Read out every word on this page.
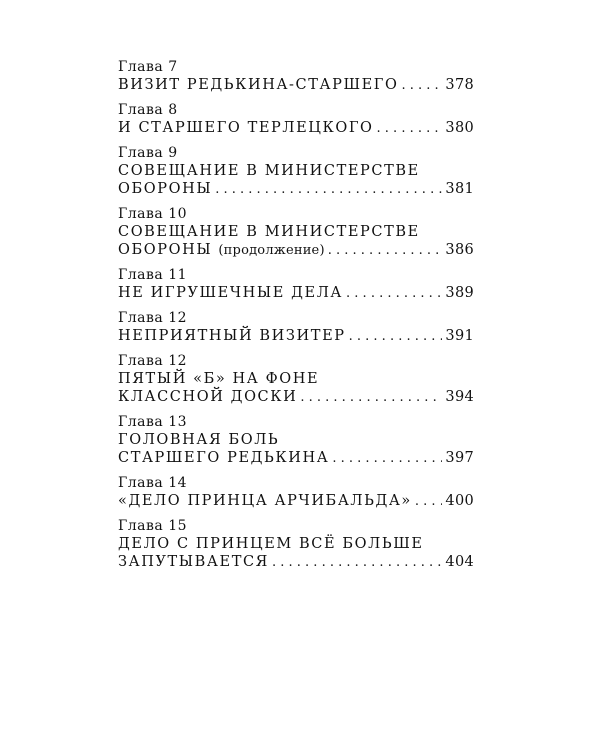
Глава 7
ВИЗИТ РЕДЬКИНА-СТАРШЕГО . . .	378
Глава 8
И СТАРШЕГО ТЕРЛЕЦКОГО . . .	380
Глава 9
СОВЕЩАНИЕ В МИНИСТЕРСТВЕ
ОБОРОНЫ . . .	381
Глава 10
СОВЕЩАНИЕ В МИНИСТЕРСТВЕ
ОБОРОНЫ (продолжение) . . .	386
Глава 11
НЕ ИГРУШЕЧНЫЕ ДЕЛА . . .	389
Глава 12
НЕПРИЯТНЫЙ ВИЗИТЕР . . .	391
Глава 12
ПЯТЫЙ «Б» НА ФОНЕ
КЛАССНОЙ ДОСКИ . . .	394
Глава 13
ГОЛОВНАЯ БОЛЬ
СТАРШЕГО РЕДЬКИНА . . .	397
Глава 14
«ДЕЛО ПРИНЦА АРЧИБАЛЬДА» . . . 400
Глава 15
ДЕЛО С ПРИНЦЕМ ВСЁ БОЛЬШЕ
ЗАПУТЫВАЕТСЯ . . .	404
